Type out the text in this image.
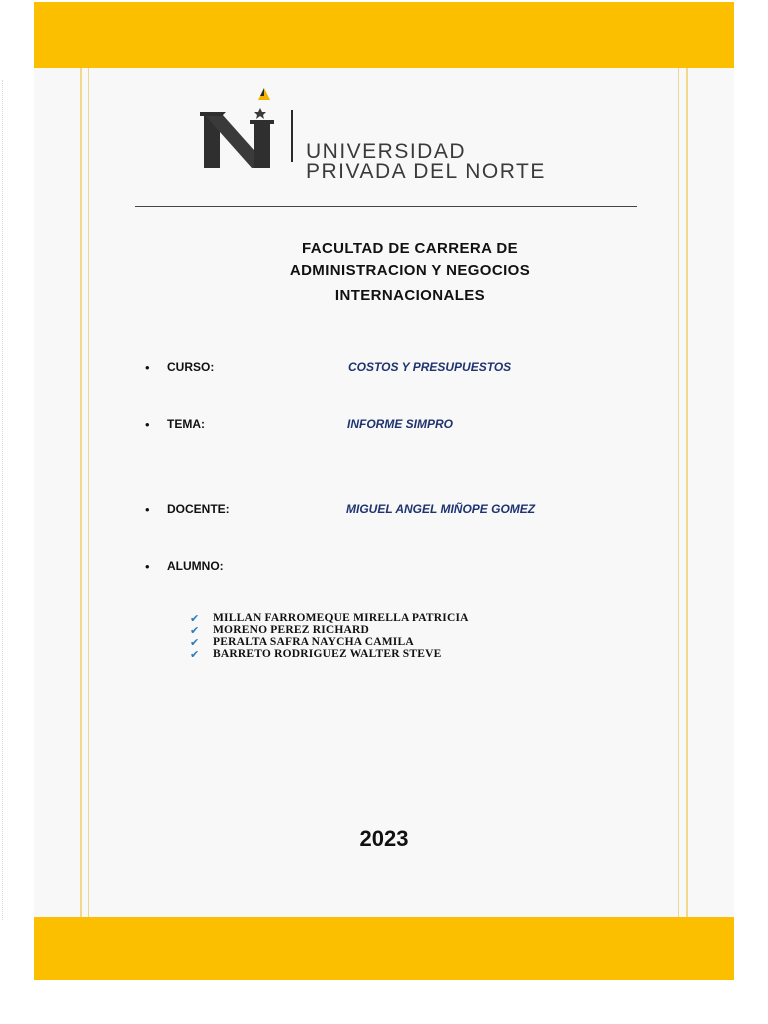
UNIVERSIDAD
PRIVADA DEL NORTE
FACULTAD DE CARRERA DE
ADMINISTRACION Y NEGOCIOS
INTERNACIONALES
• CURSO:	COSTOS Y PRESUPUESTOS
• TEMA:	INFORME SIMPRO
• DOCENTE:	MIGUEL ANGEL MIÑOPE GOMEZ
• ALUMNO:
✔ MILLAN FARROMEQUE MIRELLA PATRICIA
✔ MORENO PEREZ RICHARD
✔ PERALTA SAFRA NAYCHA CAMILA
✔ BARRETO RODRIGUEZ WALTER STEVE
2023
